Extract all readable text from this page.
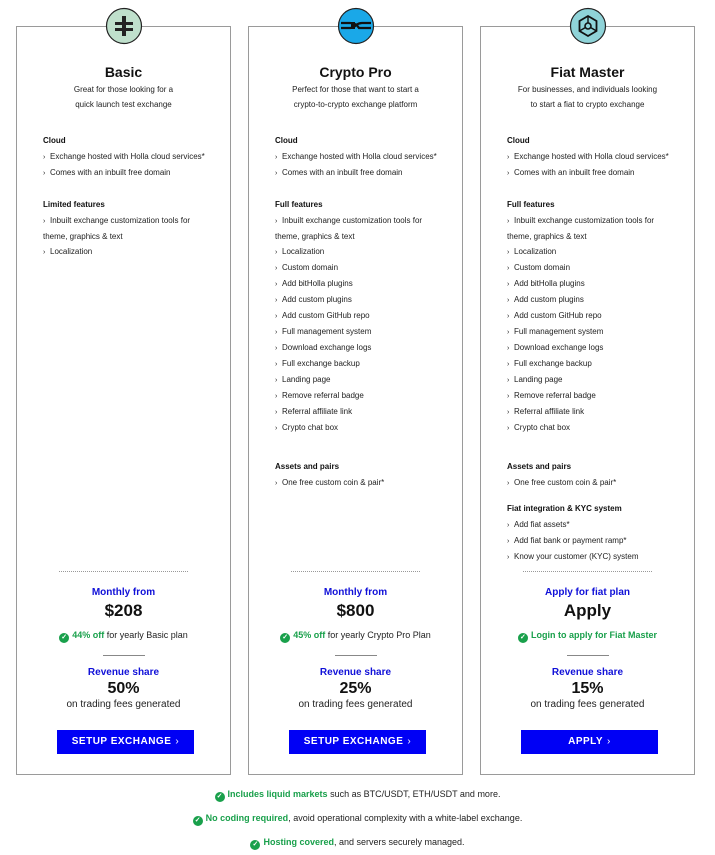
Basic
Great for those looking for a
quick launch test exchange
Cloud
› Exchange hosted with Holla cloud services*
› Comes with an inbuilt free domain
Limited features
› Inbuilt exchange customization tools for
theme, graphics & text
› Localization
Monthly from
$208
✓ 44% off for yearly Basic plan
Revenue share
50%
on trading fees generated
SETUP EXCHANGE ›
Crypto Pro
Perfect for those that want to start a
crypto-to-crypto exchange platform
Cloud
› Exchange hosted with Holla cloud services*
› Comes with an inbuilt free domain
Full features
› Inbuilt exchange customization tools for
theme, graphics & text
› Localization
› Custom domain
› Add bitHolla plugins
› Add custom plugins
› Add custom GitHub repo
› Full management system
› Download exchange logs
› Full exchange backup
› Landing page
› Remove referral badge
› Referral affiliate link
› Crypto chat box
Assets and pairs
› One free custom coin & pair*
Monthly from
$800
✓ 45% off for yearly Crypto Pro Plan
Revenue share
25%
on trading fees generated
SETUP EXCHANGE ›
Fiat Master
For businesses, and individuals looking
to start a fiat to crypto exchange
Cloud
› Exchange hosted with Holla cloud services*
› Comes with an inbuilt free domain
Full features
› Inbuilt exchange customization tools for
theme, graphics & text
› Localization
› Custom domain
› Add bitHolla plugins
› Add custom plugins
› Add custom GitHub repo
› Full management system
› Download exchange logs
› Full exchange backup
› Landing page
› Remove referral badge
› Referral affiliate link
› Crypto chat box
Assets and pairs
› One free custom coin & pair*
Fiat integration & KYC system
› Add fiat assets*
› Add fiat bank or payment ramp*
› Know your customer (KYC) system
Apply for fiat plan
Apply
✓ Login to apply for Fiat Master
Revenue share
15%
on trading fees generated
APPLY ›
✓ Includes liquid markets such as BTC/USDT, ETH/USDT and more.
✓ No coding required, avoid operational complexity with a white-label exchange.
✓ Hosting covered, and servers securely managed.
